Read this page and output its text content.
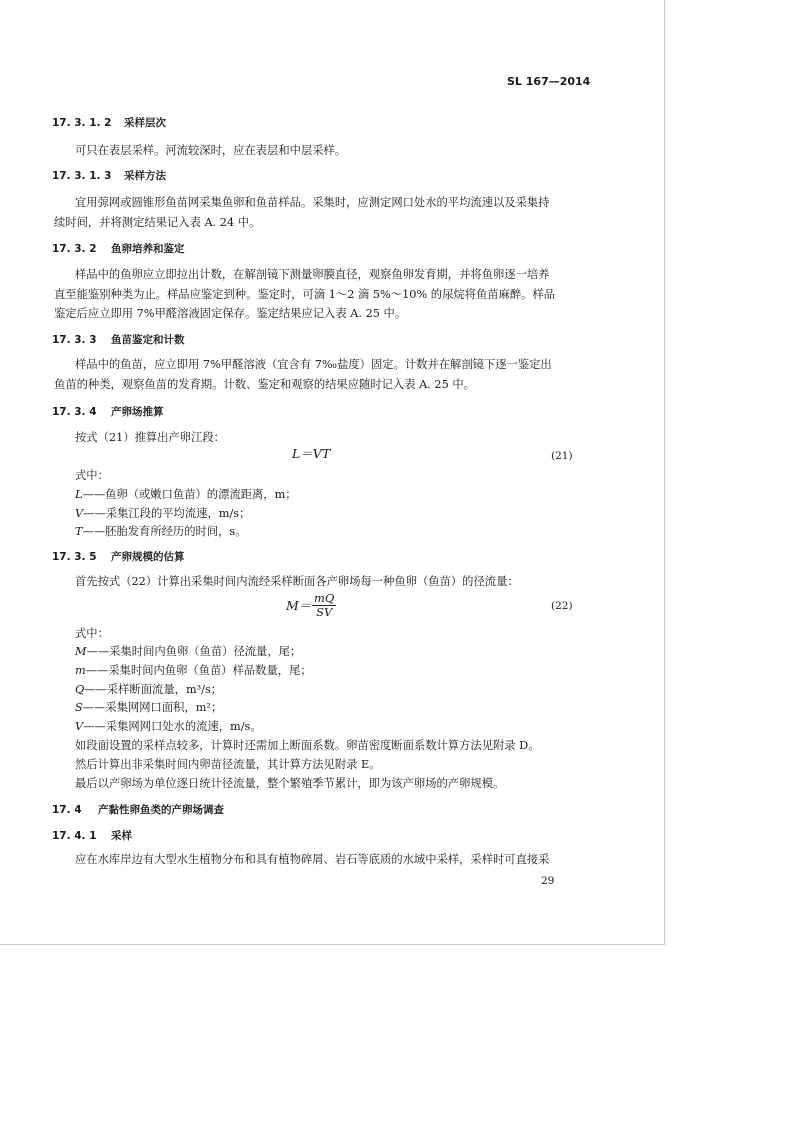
SL 167—2014
17. 3. 1. 2 采样层次
可只在表层采样。河流较深时，应在表层和中层采样。
17. 3. 1. 3 采样方法
宜用弶网或圆锥形鱼苗网采集鱼卵和鱼苗样品。采集时，应测定网口处水的平均流速以及采集持
续时间，并将测定结果记入表 A. 24 中。
17. 3. 2 鱼卵培养和鉴定
样品中的鱼卵应立即拉出计数，在解剖镜下测量卵膜直径，观察鱼卵发育期，并将鱼卵逐一培养
直至能鉴别种类为止。样品应鉴定到种。鉴定时，可滴 1～2 滴 5%～10% 的尿烷将鱼苗麻醉。样品
鉴定后应立即用 7%甲醛溶液固定保存。鉴定结果应记入表 A. 25 中。
17. 3. 3 鱼苗鉴定和计数
样品中的鱼苗，应立即用 7%甲醛溶液（宜含有 7‰盐度）固定。计数并在解剖镜下逐一鉴定出
鱼苗的种类，观察鱼苗的发育期。计数、鉴定和观察的结果应随时记入表 A. 25 中。
17. 3. 4 产卵场推算
按式（21）推算出产卵江段：
L＝VT	(21)
式中：
L——鱼卵（或嫩口鱼苗）的漂流距离，m；
V——采集江段的平均流速，m/s；
T——胚胎发育所经历的时间，s。
17. 3. 5 产卵规模的估算
首先按式（22）计算出采集时间内流经采样断面各产卵场每一种鱼卵（鱼苗）的径流量：
$M= \frac{mQ}{SV}$	(22)
式中：
M——采集时间内鱼卵（鱼苗）径流量，尾；
m——采集时间内鱼卵（鱼苗）样品数量，尾；
Q——采样断面流量，m³/s；
S——采集网网口面积，m²；
V——采集网网口处水的流速，m/s。
如段面设置的采样点较多，计算时还需加上断面系数。卵苗密度断面系数计算方法见附录 D。
然后计算出非采集时间内卵苗径流量，其计算方法见附录 E。
最后以产卵场为单位逐日统计径流量，整个繁殖季节累计，即为该产卵场的产卵规模。
17. 4 产黏性卵鱼类的产卵场调查
17. 4. 1 采样
应在水库岸边有大型水生植物分布和具有植物碎屑、岩石等底质的水域中采样，采样时可直接采
29
